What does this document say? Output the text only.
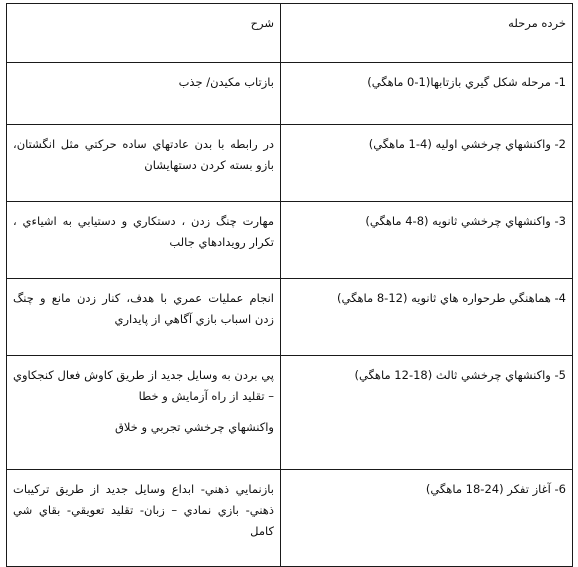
خرده مرحله	شرح
1- مرحله شكل گيري بازتابها(1-0 ماهگي)	بازتاب مكيدن/ جذب

2- واكنشهاي چرخشي اوليه (4-1 ماهگي)	در رابطه با بدن عادتهاي ساده حركتي مثل انگشتان، بازو بسته كردن دستهايشان

3- واكنشهاي چرخشي ثانويه (8-4 ماهگي)	مهارت چنگ زدن ، دستكاري و دستيابي به اشياءي ، تكرار رويدادهاي جالب

4- هماهنگي طرحواره هاي ثانويه (12-8 ماهگي)	انجام عمليات عمري با هدف، كنار زدن مانع و چنگ زدن اسباب بازي آگاهي از پايداري

5- واكنشهاي چرخشي ثالث (18-12 ماهگي)	پي بردن به وسايل جديد از طريق كاوش فعال كنجكاوي – تقليد از راه آزمايش و خطا
واكنشهاي چرخشي تجربي و خلاق

6- آغاز تفكر (24-18 ماهگي)	بازنمايي ذهني- ابداع وسايل جديد از طريق تركيبات ذهني- بازي نمادي – زبان- تقليد تعويقي- بقاي شي كامل
